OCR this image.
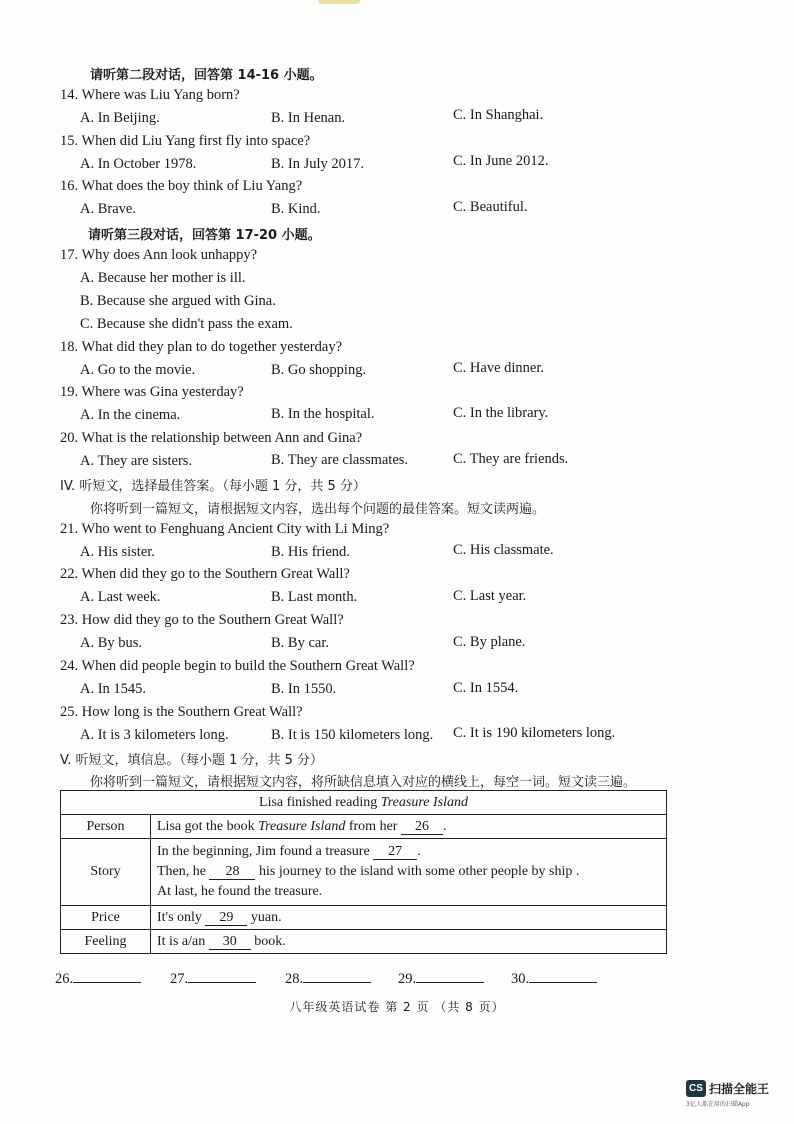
请听第二段对话，回答第 14-16 小题。
14. Where was Liu Yang born?
A. In Beijing.	B. In Henan.	C. In Shanghai.
15. When did Liu Yang first fly into space?
A. In October 1978.	B. In July 2017.	C. In June 2012.
16. What does the boy think of Liu Yang?
A. Brave.	B. Kind.	C. Beautiful.
请听第三段对话，回答第 17-20 小题。
17. Why does Ann look unhappy?
A. Because her mother is ill.
B. Because she argued with Gina.
C. Because she didn't pass the exam.
18. What did they plan to do together yesterday?
A. Go to the movie.	B. Go shopping.	C. Have dinner.
19. Where was Gina yesterday?
A. In the cinema.	B. In the hospital.	C. In the library.
20. What is the relationship between Ann and Gina?
A. They are sisters.	B. They are classmates.	C. They are friends.
IV. 听短文，选择最佳答案。（每小题 1 分，共 5 分）
你将听到一篇短文，请根据短文内容，选出每个问题的最佳答案。短文读两遍。
21. Who went to Fenghuang Ancient City with Li Ming?
A. His sister.	B. His friend.	C. His classmate.
22. When did they go to the Southern Great Wall?
A. Last week.	B. Last month.	C. Last year.
23. How did they go to the Southern Great Wall?
A. By bus.	B. By car.	C. By plane.
24. When did people begin to build the Southern Great Wall?
A. In 1545.	B. In 1550.	C. In 1554.
25. How long is the Southern Great Wall?
A. It is 3 kilometers long.	B. It is 150 kilometers long. C. It is 190 kilometers long.
V. 听短文，填信息。（每小题 1 分，共 5 分）
你将听到一篇短文，请根据短文内容，将所缺信息填入对应的横线上，每空一词。短文读三遍。
Lisa finished reading Treasure Island	
Person	Lisa got the book Treasure Island from her 26 .
Story	In the beginning, Jim found a treasure 27 .
Then, he 28 his journey to the island with some other people by ship .
At last, he found the treasure.

Price	It's only 29 yuan.
Feeling	It is a/an 30 book.
26.	27.	28.	29.	30.
八年级英语试卷 第 2 页 （共 8 页）
CS 扫描全能王
3亿人都在用的扫描App
